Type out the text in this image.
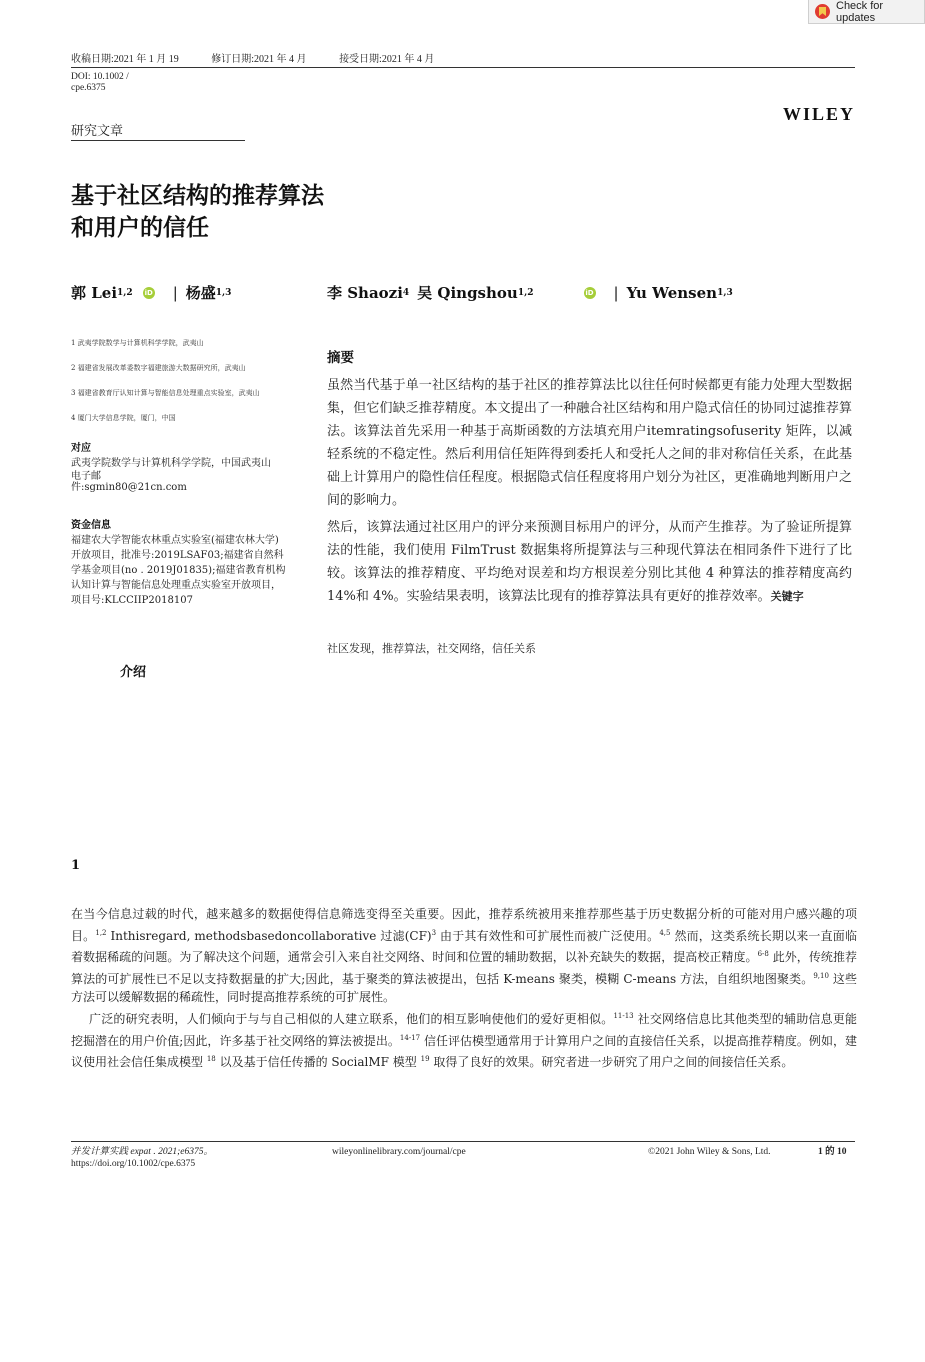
Check for updates
收稿日期:2021 年 1 月 19	修订日期:2021 年 4 月	接受日期:2021 年 4 月
DOI: 10.1002 /
cpe.6375
WILEY
研究文章
基于社区结构的推荐算法
和用户的信任
郭 Lei 1,2 iD | 杨盛 1,3	李 Shaozi 4 吴 Qingshou 1,2	iD | Yu Wensen 1,3
1 武夷学院数学与计算机科学学院，武夷山
2 福建省发展改革委数字福建旅游大数据研究所，武夷山
3 福建省教育厅认知计算与智能信息处理重点实验室，武夷山
4 厦门大学信息学院，厦门，中国
对应
武夷学院数学与计算机科学学院，中国武夷山
电子邮
件:sgmin80@21cn.com
资金信息
福建农大学智能农林重点实验室(福建农林大学)开放项目，批准号:2019LSAF03;福建省自然科学基金项目(no . 2019J01835);福建省教育机构认知计算与智能信息处理重点实验室开放项目，项目号:KLCCIIP2018107
摘要
虽然当代基于单一社区结构的基于社区的推荐算法比以往任何时候都更有能力处理大型数据集，但它们缺乏推荐精度。本文提出了一种融合社区结构和用户隐式信任的协同过滤推荐算法。该算法首先采用一种基于高斯函数的方法填充用户itemratingsofuserity 矩阵，以减轻系统的不稳定性。然后利用信任矩阵得到委托人和受托人之间的非对称信任关系，在此基础上计算用户的隐性信任程度。根据隐式信任程度将用户划分为社区，更准确地判断用户之间的影响力。
然后，该算法通过社区用户的评分来预测目标用户的评分，从而产生推荐。为了验证所提算法的性能，我们使用 FilmTrust 数据集将所提算法与三种现代算法在相同条件下进行了比较。该算法的推荐精度、平均绝对误差和均方根误差分别比其他 4 种算法的推荐精度高约 14%和 4%。实验结果表明，该算法比现有的推荐算法具有更好的推荐效率。关键字
社区发现，推荐算法，社交网络，信任关系
介绍
1
在当今信息过载的时代，越来越多的数据使得信息筛选变得至关重要。因此，推荐系统被用来推荐那些基于历史数据分析的可能对用户感兴趣的项目。$^{1,2}$ Inthisregard, methodsbasedoncollaborative 过滤(CF)$^3$ 由于其有效性和可扩展性而被广泛使用。$^{4,5}$ 然而，这类系统长期以来一直面临着数据稀疏的问题。为了解决这个问题，通常会引入来自社交网络、时间和位置的辅助数据，以补充缺失的数据，提高校正精度。$^{6-8}$ 此外，传统推荐算法的可扩展性已不足以支持数据量的扩大;因此，基于聚类的算法被提出，包括 K-means 聚类，模糊 C-means 方法，自组织地图聚类。$^{9,10}$ 这些方法可以缓解数据的稀疏性，同时提高推荐系统的可扩展性。
广泛的研究表明，人们倾向于与与自己相似的人建立联系，他们的相互影响使他们的爱好更相似。$^{11-13}$ 社交网络信息比其他类型的辅助信息更能挖掘潜在的用户价值;因此，许多基于社交网络的算法被提出。$^{14-17}$ 信任评估模型通常用于计算用户之间的直接信任关系，以提高推荐精度。例如，建议使用社会信任集成模型 $^{18}$ 以及基于信任传播的 SocialMF 模型 $^{19}$ 取得了良好的效果。研究者进一步研究了用户之间的间接信任关系。
并发计算实践 expat . 2021;e6375。
https://doi.org/10.1002/cpe.6375
wileyonlinelibrary.com/journal/cpe	©2021 John Wiley & Sons, Ltd.	1 的 10
